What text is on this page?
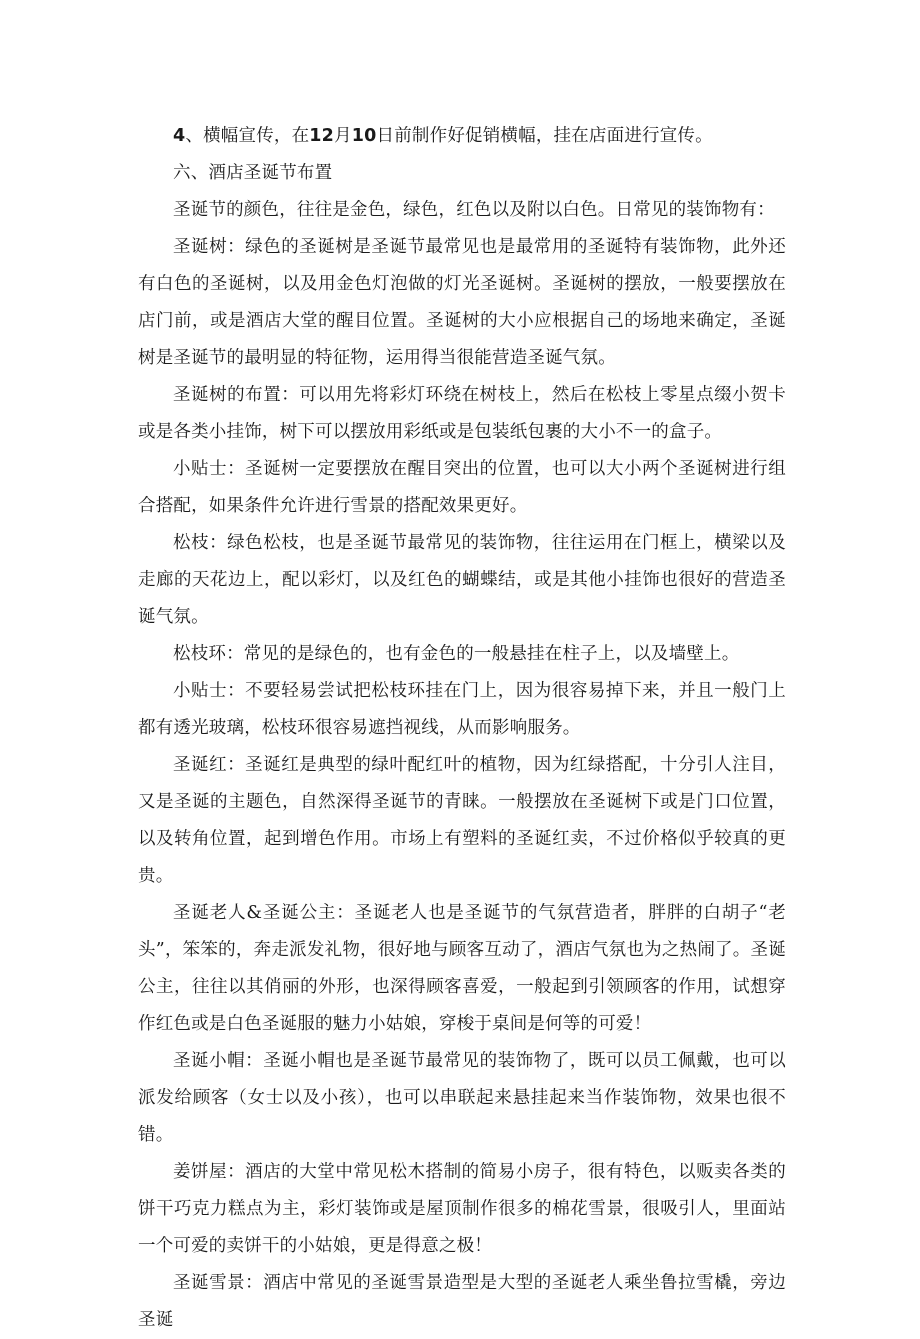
4、横幅宣传，在12月10日前制作好促销横幅，挂在店面进行宣传。

六、酒店圣诞节布置

圣诞节的颜色，往往是金色，绿色，红色以及附以白色。日常见的装饰物有：

圣诞树：绿色的圣诞树是圣诞节最常见也是最常用的圣诞特有装饰物，此外还有白色的圣诞树，以及用金色灯泡做的灯光圣诞树。圣诞树的摆放，一般要摆放在店门前，或是酒店大堂的醒目位置。圣诞树的大小应根据自己的场地来确定，圣诞树是圣诞节的最明显的特征物，运用得当很能营造圣诞气氛。

圣诞树的布置：可以用先将彩灯环绕在树枝上，然后在松枝上零星点缀小贺卡或是各类小挂饰，树下可以摆放用彩纸或是包装纸包裹的大小不一的盒子。

小贴士：圣诞树一定要摆放在醒目突出的位置，也可以大小两个圣诞树进行组合搭配，如果条件允许进行雪景的搭配效果更好。

松枝：绿色松枝，也是圣诞节最常见的装饰物，往往运用在门框上，横梁以及走廊的天花边上，配以彩灯，以及红色的蝴蝶结，或是其他小挂饰也很好的营造圣诞气氛。

松枝环：常见的是绿色的，也有金色的一般悬挂在柱子上，以及墙壁上。

小贴士：不要轻易尝试把松枝环挂在门上，因为很容易掉下来，并且一般门上都有透光玻璃，松枝环很容易遮挡视线，从而影响服务。

圣诞红：圣诞红是典型的绿叶配红叶的植物，因为红绿搭配，十分引人注目，又是圣诞的主题色，自然深得圣诞节的青睐。一般摆放在圣诞树下或是门口位置，以及转角位置，起到增色作用。市场上有塑料的圣诞红卖，不过价格似乎较真的更贵。

圣诞老人&圣诞公主：圣诞老人也是圣诞节的气氛营造者，胖胖的白胡子“老头”，笨笨的，奔走派发礼物，很好地与顾客互动了，酒店气氛也为之热闹了。圣诞公主，往往以其俏丽的外形，也深得顾客喜爱，一般起到引领顾客的作用，试想穿作红色或是白色圣诞服的魅力小姑娘，穿梭于桌间是何等的可爱！

圣诞小帽：圣诞小帽也是圣诞节最常见的装饰物了，既可以员工佩戴，也可以派发给顾客（女士以及小孩），也可以串联起来悬挂起来当作装饰物，效果也很不错。

姜饼屋：酒店的大堂中常见松木搭制的简易小房子，很有特色，以贩卖各类的饼干巧克力糕点为主，彩灯装饰或是屋顶制作很多的棉花雪景，很吸引人，里面站一个可爱的卖饼干的小姑娘，更是得意之极！

圣诞雪景：酒店中常见的圣诞雪景造型是大型的圣诞老人乘坐鲁拉雪橇，旁边圣诞
